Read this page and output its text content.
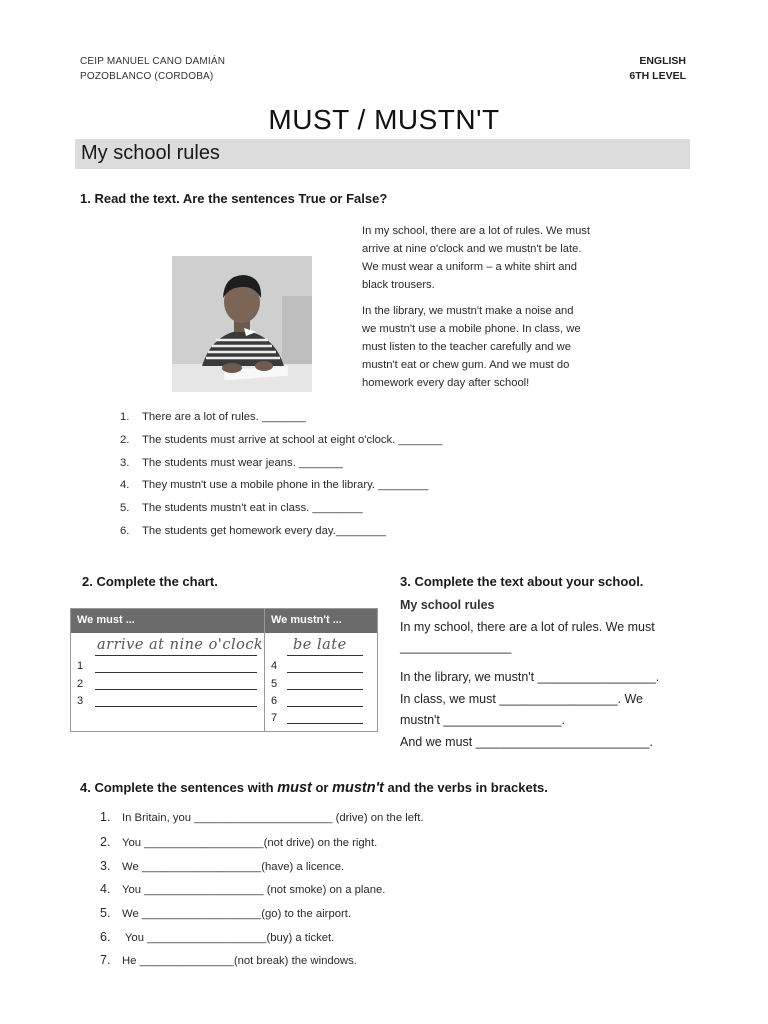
CEIP MANUEL CANO DAMIÁN
POZOBLANCO (CORDOBA)
ENGLISH
6TH LEVEL
MUST / MUSTN'T
My school rules
1. Read the text. Are the sentences True or False?
In my school, there are a lot of rules. We must
arrive at nine o'clock and we mustn't be late.
We must wear a uniform – a white shirt and
black trousers.
In the library, we mustn't make a noise and
we mustn't use a mobile phone. In class, we
must listen to the teacher carefully and we
mustn't eat or chew gum. And we must do
homework every day after school!
1. There are a lot of rules. _______
2. The students must arrive at school at eight o'clock. _______
3. The students must wear jeans. _______
4. They mustn't use a mobile phone in the library. ________
5. The students mustn't eat in class. ________
6. The students get homework every day.________
2. Complete the chart.
We must ...	We mustn't ...
arrive at nine o'clock be late
1
2
3
4
5
6
7
3. Complete the text about your school.
My school rules
In my school, there are a lot of rules. We must
________________
In the library, we mustn't _________________.
In class, we must _________________. We
mustn't _________________.
And we must _________________________.
4. Complete the sentences with must or mustn't and the verbs in brackets.
1. In Britain, you ______________________ (drive) on the left.
2. You ___________________(not drive) on the right.
3. We ___________________(have) a licence.
4. You ___________________ (not smoke) on a plane.
5. We ___________________(go) to the airport.
6. You ___________________(buy) a ticket.
7. He _______________(not break) the windows.
